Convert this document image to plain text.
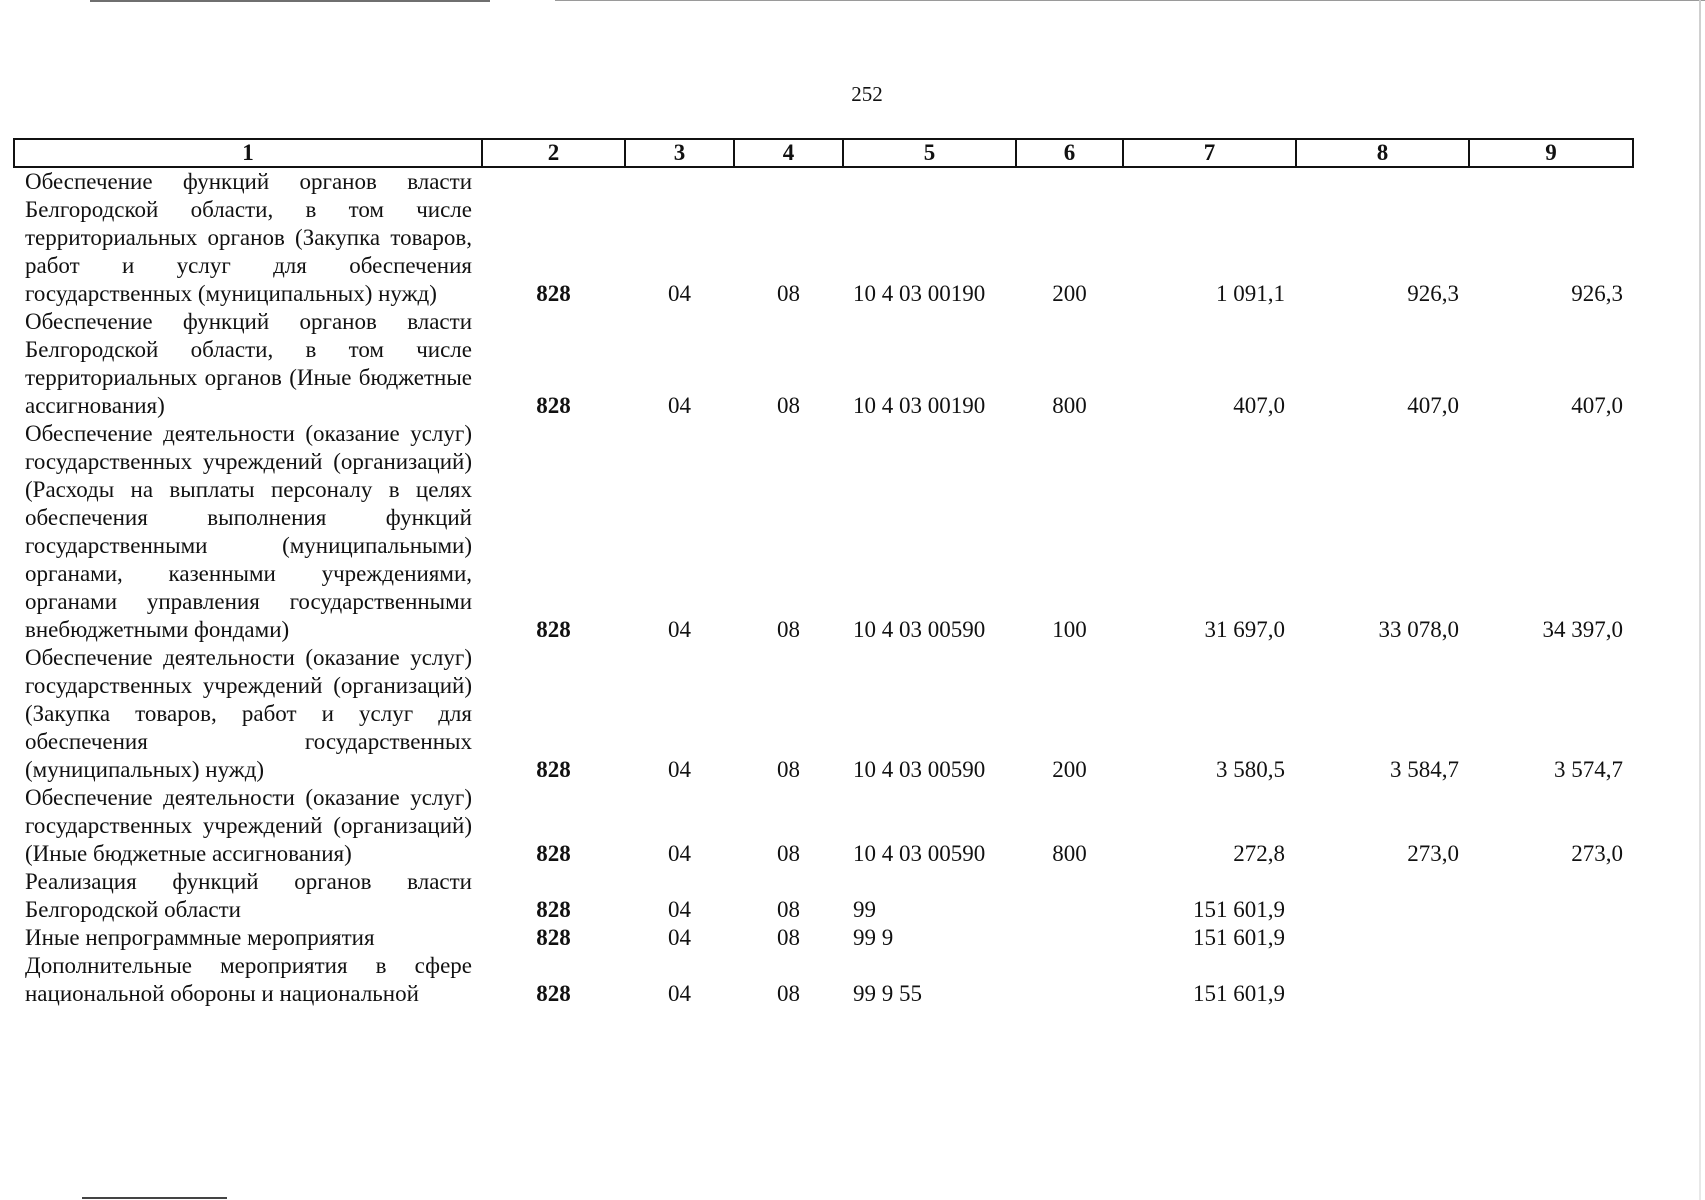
252
1	2	3	4	5	6	7	8	9
Обеспечение функций органов власти Белгородской области, в том числе территориальных органов (Закупка товаров, работ и услуг для обеспечения государственных (муниципальных) нужд)	828	04	08	10 4 03 00190	200	1 091,1	926,3	926,3
Обеспечение функций органов власти Белгородской области, в том числе территориальных органов (Иные бюджетные ассигнования)	828	04	08	10 4 03 00190	800	407,0	407,0	407,0
Обеспечение деятельности (оказание услуг) государственных учреждений (организаций) (Расходы на выплаты персоналу в целях обеспечения выполнения функций государственными (муниципальными) органами, казенными учреждениями, органами управления государственными внебюджетными фондами)	828	04	08	10 4 03 00590	100	31 697,0	33 078,0	34 397,0
Обеспечение деятельности (оказание услуг) государственных учреждений (организаций) (Закупка товаров, работ и услуг для обеспечения государственных (муниципальных) нужд)	828	04	08	10 4 03 00590	200	3 580,5	3 584,7	3 574,7
Обеспечение деятельности (оказание услуг) государственных учреждений (организаций) (Иные бюджетные ассигнования)	828	04	08	10 4 03 00590	800	272,8	273,0	273,0
Реализация функций органов власти Белгородской области	828	04	08	99		151 601,9		
Иные непрограммные мероприятия	828	04	08	99 9		151 601,9		
Дополнительные мероприятия в сфере национальной обороны и национальной	828	04	08	99 9 55		151 601,9		
